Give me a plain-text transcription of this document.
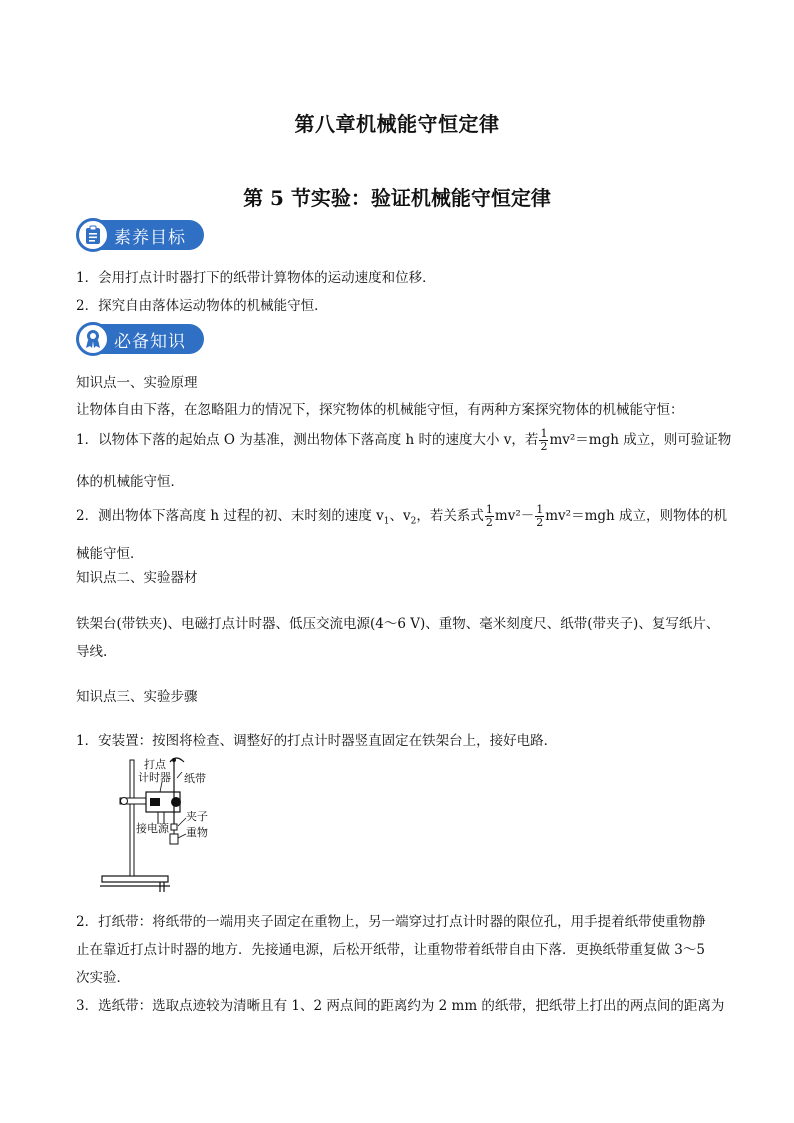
第八章机械能守恒定律
第 5 节实验：验证机械能守恒定律
素养目标
1．会用打点计时器打下的纸带计算物体的运动速度和位移．
2．探究自由落体运动物体的机械能守恒．
必备知识
知识点一、实验原理
让物体自由下落，在忽略阻力的情况下，探究物体的机械能守恒，有两种方案探究物体的机械能守恒：
1．以物体下落的起始点 O 为基准，测出物体下落高度 h 时的速度大小 v，若 $\frac{1}{2} mv^2=mgh$ 成立，则可验证物
体的机械能守恒．
2．测出物体下落高度 h 过程的初、末时刻的速度 $v_1$、$v_2$，若关系式 $\frac{1}{2} mv^2- \frac{1}{2} mv^2=mgh$ 成立，则物体的机
械能守恒．
知识点二、实验器材
铁架台(带铁夹)、电磁打点计时器、低压交流电源(4～6 V)、重物、毫米刻度尺、纸带(带夹子)、复写纸片、
导线.
知识点三、实验步骤
1．安装置：按图将检查、调整好的打点计时器竖直固定在铁架台上，接好电路．
打点
计时器 纸带
夹子
接电源 重物
2．打纸带：将纸带的一端用夹子固定在重物上，另一端穿过打点计时器的限位孔，用手提着纸带使重物静
止在靠近打点计时器的地方．先接通电源，后松开纸带，让重物带着纸带自由下落．更换纸带重复做 3～5
次实验．
3．选纸带：选取点迹较为清晰且有 1、2 两点间的距离约为 2 mm 的纸带，把纸带上打出的两点间的距离为
